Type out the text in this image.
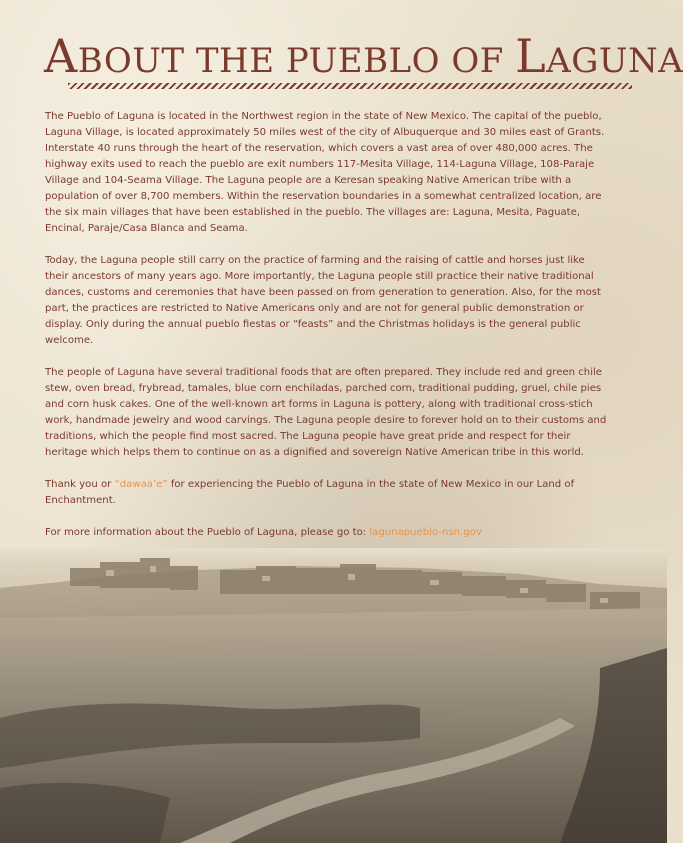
ABOUT THE PUEBLO OF LAGUNA

The Pueblo of Laguna is located in the Northwest region in the state of New Mexico. The capital of the pueblo, Laguna Village, is located approximately 50 miles west of the city of Albuquerque and 30 miles east of Grants. Interstate 40 runs through the heart of the reservation, which covers a vast area of over 480,000 acres. The highway exits used to reach the pueblo are exit numbers 117-Mesita Village, 114-Laguna Village, 108-Paraje Village and 104-Seama Village. The Laguna people are a Keresan speaking Native American tribe with a population of over 8,700 members. Within the reservation boundaries in a somewhat centralized location, are the six main villages that have been established in the pueblo. The villages are: Laguna, Mesita, Paguate, Encinal, Paraje/Casa Blanca and Seama.

Today, the Laguna people still carry on the practice of farming and the raising of cattle and horses just like their ancestors of many years ago. More importantly, the Laguna people still practice their native traditional dances, customs and ceremonies that have been passed on from generation to generation. Also, for the most part, the practices are restricted to Native Americans only and are not for general public demonstration or display. Only during the annual pueblo fiestas or “feasts” and the Christmas holidays is the general public welcome.

The people of Laguna have several traditional foods that are often prepared. They include red and green chile stew, oven bread, frybread, tamales, blue corn enchiladas, parched corn, traditional pudding, gruel, chile pies and corn husk cakes. One of the well-known art forms in Laguna is pottery, along with traditional cross-stich work, handmade jewelry and wood carvings. The Laguna people desire to forever hold on to their customs and traditions, which the people find most sacred. The Laguna people have great pride and respect for their heritage which helps them to continue on as a dignified and sovereign Native American tribe in this world.

Thank you or “dawaa’e” for experiencing the Pueblo of Laguna in the state of New Mexico in our Land of Enchantment.

For more information about the Pueblo of Laguna, please go to: lagunapueblo-nsn.gov
